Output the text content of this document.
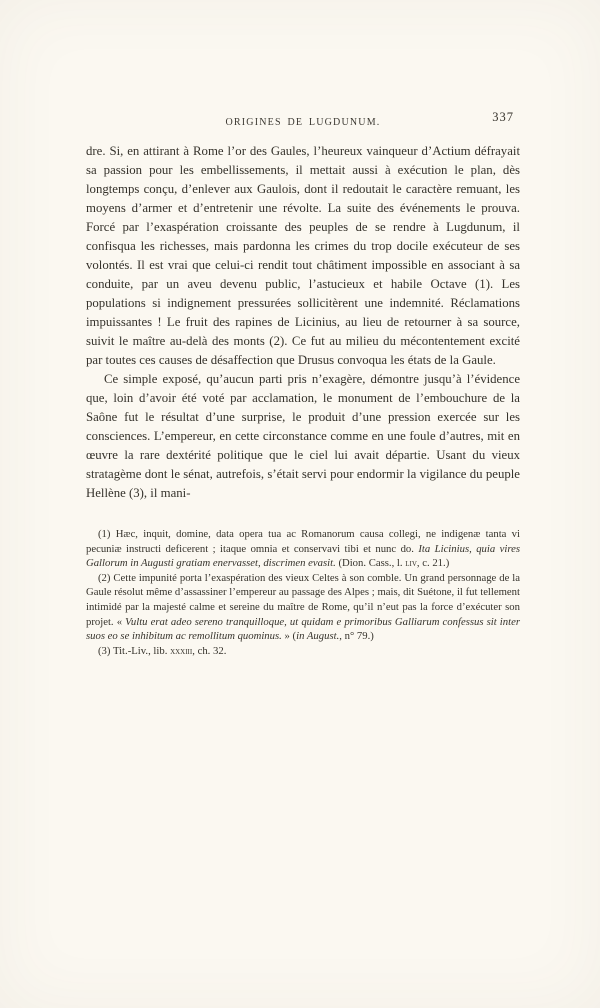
ORIGINES DE LUGDUNUM.	337

dre. Si, en attirant à Rome l’or des Gaules, l’heureux vainqueur d’Actium défrayait sa passion pour les embellissements, il mettait aussi à exécution le plan, dès longtemps conçu, d’enlever aux Gaulois, dont il redoutait le caractère remuant, les moyens d’armer et d’entretenir une révolte. La suite des événements le prouva. Forcé par l’exaspération croissante des peuples de se rendre à Lugdunum, il confisqua les richesses, mais pardonna les crimes du trop docile exécuteur de ses volontés. Il est vrai que celui-ci rendit tout châtiment impossible en associant à sa conduite, par un aveu devenu public, l’astucieux et habile Octave (1). Les populations si indignement pressurées sollicitèrent une indemnité. Réclamations impuissantes ! Le fruit des rapines de Licinius, au lieu de retourner à sa source, suivit le maître au-delà des monts (2). Ce fut au milieu du mécontentement excité par toutes ces causes de désaffection que Drusus convoqua les états de la Gaule.

Ce simple exposé, qu’aucun parti pris n’exagère, démontre jusqu’à l’évidence que, loin d’avoir été voté par acclamation, le monument de l’embouchure de la Saône fut le résultat d’une surprise, le produit d’une pression exercée sur les consciences. L’empereur, en cette circonstance comme en une foule d’autres, mit en œuvre la rare dextérité politique que le ciel lui avait départie. Usant du vieux stratagème dont le sénat, autrefois, s’était servi pour endormir la vigilance du peuple Hellène (3), il mani-

(1) Hæc, inquit, domine, data opera tua ac Romanorum causa collegi, ne indigenæ tanta vi pecuniæ instructi deficerent ; itaque omnia et conservavi tibi et nunc do. Ita Licinius, quia vires Gallorum in Augusti gratiam enervasset, discrimen evasit. (Dion. Cass., l. liv, c. 21.)

(2) Cette impunité porta l’exaspération des vieux Celtes à son comble. Un grand personnage de la Gaule résolut même d’assassiner l’empereur au passage des Alpes ; mais, dit Suétone, il fut tellement intimidé par la majesté calme et sereine du maître de Rome, qu’il n’eut pas la force d’exécuter son projet. « Vultu erat adeo sereno tranquilloque, ut quidam e primoribus Galliarum confessus sit inter suos eo se inhibitum ac remollitum quominus. » (in August., n° 79.)

(3) Tit.-Liv., lib. xxxiii, ch. 32.
